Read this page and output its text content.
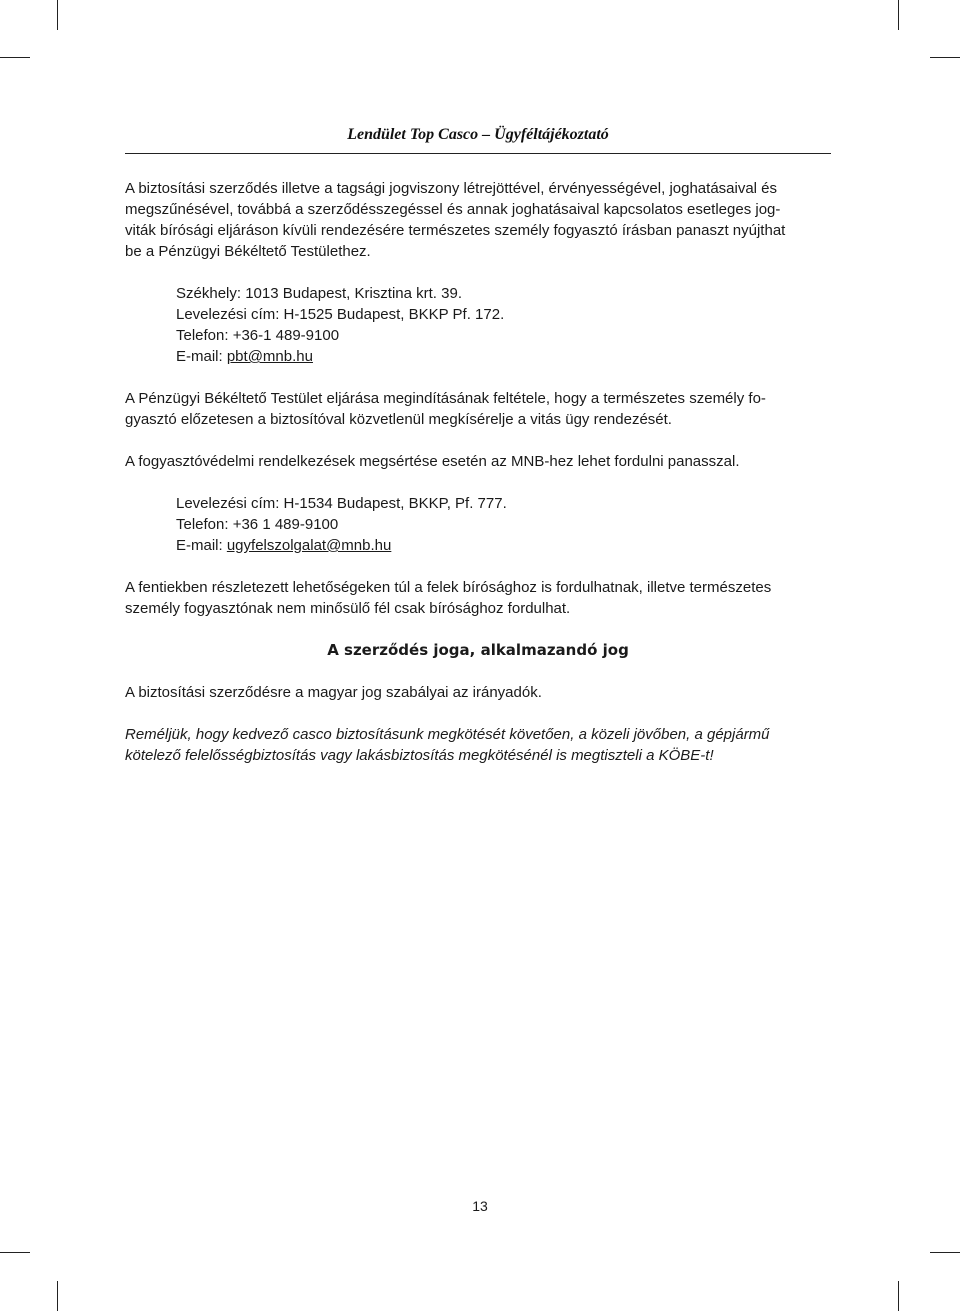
Lendület Top Casco – Ügyféltájékoztató

A biztosítási szerződés illetve a tagsági jogviszony létrejöttével, érvényességével, joghatásaival és

megszűnésével, továbbá a szerződésszegéssel és annak joghatásaival kapcsolatos esetleges jog-

viták bírósági eljáráson kívüli rendezésére természetes személy fogyasztó írásban panaszt nyújthat

be a Pénzügyi Békéltető Testülethez.

Székhely: 1013 Budapest, Krisztina krt. 39.

Levelezési cím: H-1525 Budapest, BKKP Pf. 172.

Telefon: +36-1 489-9100

E-mail: pbt@mnb.hu

A Pénzügyi Békéltető Testület eljárása megindításának feltétele, hogy a természetes személy fo-

gyasztó előzetesen a biztosítóval közvetlenül megkísérelje a vitás ügy rendezését.

A fogyasztóvédelmi rendelkezések megsértése esetén az MNB-hez lehet fordulni panasszal.

Levelezési cím: H-1534 Budapest, BKKP, Pf. 777.

Telefon: +36 1 489-9100

E-mail: ugyfelszolgalat@mnb.hu

A fentiekben részletezett lehetőségeken túl a felek bírósághoz is fordulhatnak, illetve természetes

személy fogyasztónak nem minősülő fél csak bírósághoz fordulhat.

A szerződés joga, alkalmazandó jog

A biztosítási szerződésre a magyar jog szabályai az irányadók.

Reméljük, hogy kedvező casco biztosításunk megkötését követően, a közeli jövőben, a gépjármű

kötelező felelősségbiztosítás vagy lakásbiztosítás megkötésénél is megtiszteli a KÖBE-t!

13
